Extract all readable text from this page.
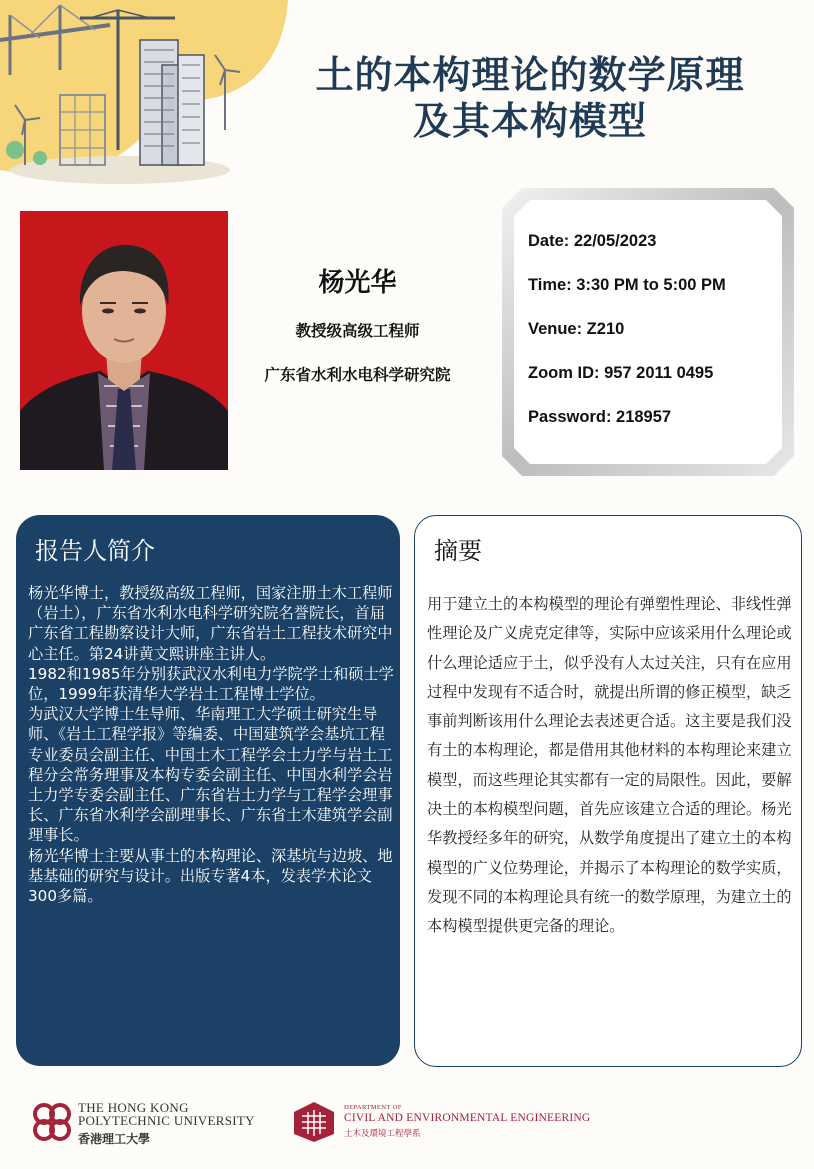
土的本构理论的数学原理
及其本构模型
杨光华
教授级高级工程师
广东省水利水电科学研究院
Date: 22/05/2023
Time: 3:30 PM to 5:00 PM
Venue: Z210
Zoom ID: 957 2011 0495
Password: 218957
报告人简介

杨光华博士，教授级高级工程师，国家注册土木工程师（岩土），广东省水利水电科学研究院名誉院长，首届广东省工程勘察设计大师，广东省岩土工程技术研究中心主任。第24讲黄文熙讲座主讲人。

1982和1985年分别获武汉水利电力学院学士和硕士学位，1999年获清华大学岩土工程博士学位。

为武汉大学博士生导师、华南理工大学硕士研究生导师、《岩土工程学报》等编委、中国建筑学会基坑工程专业委员会副主任、中国土木工程学会土力学与岩土工程分会常务理事及本构专委会副主任、中国水利学会岩土力学专委会副主任、广东省岩土力学与工程学会理事长、广东省水利学会副理事长、广东省土木建筑学会副理事长。

杨光华博士主要从事土的本构理论、深基坑与边坡、地基基础的研究与设计。出版专著4本，发表学术论文300多篇。

摘要
用于建立土的本构模型的理论有弹塑性理论、非线性弹性理论及广义虎克定律等，实际中应该采用什么理论或什么理论适应于土，似乎没有人太过关注，只有在应用过程中发现有不适合时，就提出所谓的修正模型，缺乏事前判断该用什么理论去表述更合适。这主要是我们没有土的本构理论，都是借用其他材料的本构理论来建立模型，而这些理论其实都有一定的局限性。因此，要解决土的本构模型问题，首先应该建立合适的理论。杨光华教授经多年的研究，从数学角度提出了建立土的本构模型的广义位势理论，并揭示了本构理论的数学实质，发现不同的本构理论具有统一的数学原理，为建立土的本构模型提供更完备的理论。
THE HONG KONG
POLYTECHNIC UNIVERSITY
香港理工大學
DEPARTMENT OF
CIVIL AND ENVIRONMENTAL ENGINEERING
土木及環境工程學系
